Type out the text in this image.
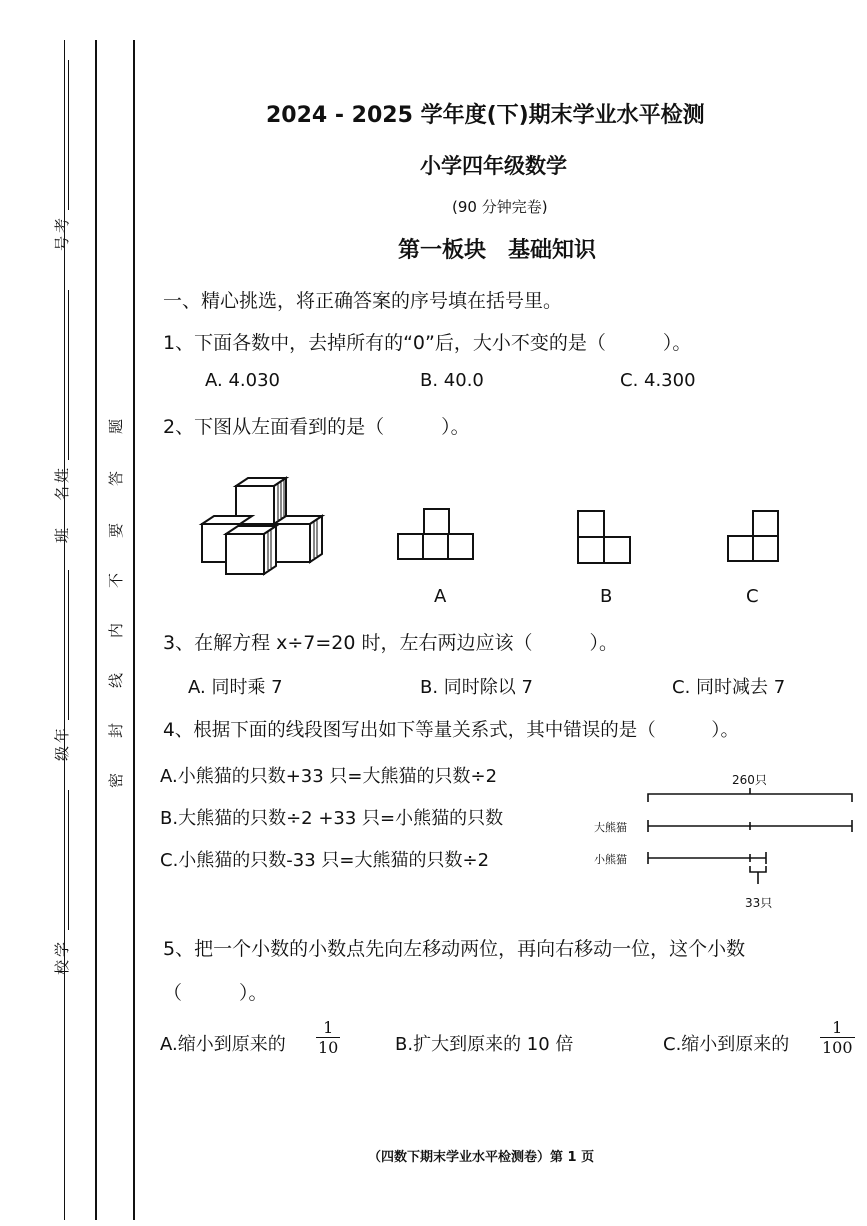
考
号
姓
名
班
年
级
学
校
题
答
要
不
内
线
封
密
2024 - 2025 学年度(下)期末学业水平检测
小学四年级数学
(90 分钟完卷)
第一板块　基础知识
一、精心挑选，将正确答案的序号填在括号里。
1、下面各数中，去掉所有的“0”后，大小不变的是（　　　）。
A. 4.030	B. 40.0	C. 4.300
2、下图从左面看到的是（　　　）。
A	B	C
3、在解方程 x÷7=20 时，左右两边应该（　　　）。
A. 同时乘 7	B. 同时除以 7	C. 同时减去 7
4、根据下面的线段图写出如下等量关系式，其中错误的是（　　　）。
A.小熊猫的只数+33 只=大熊猫的只数÷2
B.大熊猫的只数÷2 +33 只=小熊猫的只数
C.小熊猫的只数-33 只=大熊猫的只数÷2
260只
大熊猫
小熊猫
33只
5、把一个小数的小数点先向左移动两位，再向右移动一位，这个小数
（　　　）。
A.缩小到原来的 $\frac{1}{10}$	B.扩大到原来的 10 倍	C.缩小到原来的 $\frac{1}{100}$
（四数下期末学业水平检测卷）第 1 页
